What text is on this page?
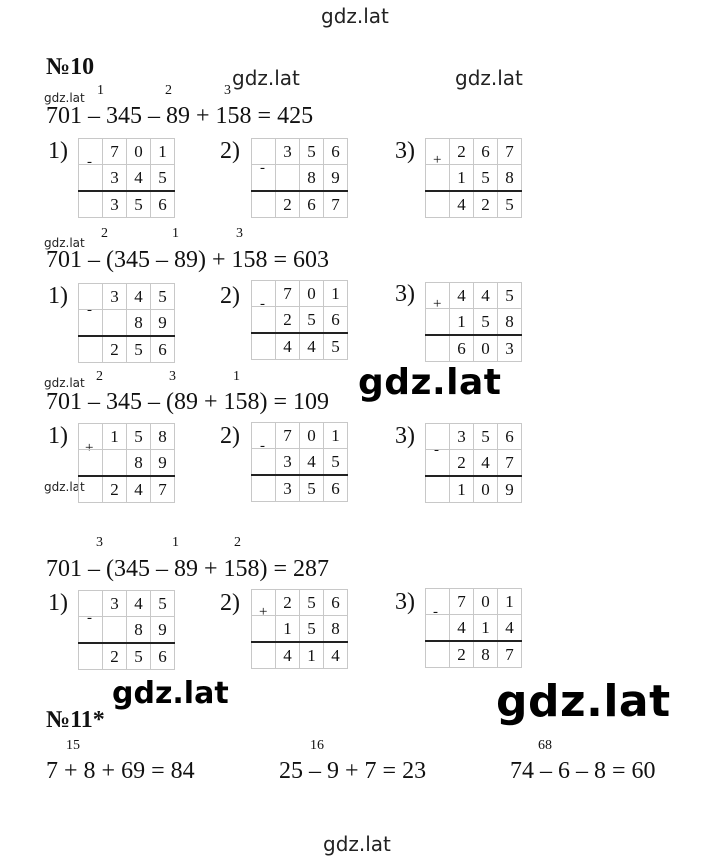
gdz.lat
gdz.lat	gdz.lat
gdz.lat
gdz.lat
gdz.lat
gdz.lat
gdz.lat
gdz.lat	gdz.lat
gdz.lat
№10
1	2	3
701 – 345 – 89 + 158 = 425
1) -
	7	0	1
	3	4	5
	3	5	6
2)
-
	3	5	6
		8	9
	2	6	7
3) +
	2	6	7
	1	5	8
	4	2	5
2	1	3
701 – (345 – 89) + 158 = 603
1)
-
	3	4	5
		8	9
	2	5	6
2) -
	7	0	1
	2	5	6
	4	4	5
3) +
	4	4	5
	1	5	8
	6	0	3
2	3	1
701 – 345 – (89 + 158) = 109
1) +
	1	5	8
		8	9
	2	4	7
2) -
	7	0	1
	3	4	5
	3	5	6
3)
-
	3	5	6
	2	4	7
	1	0	9
3	1	2
701 – (345 – 89 + 158) = 287
1)
-
	3	4	5
		8	9
	2	5	6
2) +
	2	5	6
	1	5	8
	4	1	4
3) -
	7	0	1
	4	1	4
	2	8	7
№11*
15
7 + 8 + 69 = 84
16
25 – 9 + 7 = 23
68
74 – 6 – 8 = 60
